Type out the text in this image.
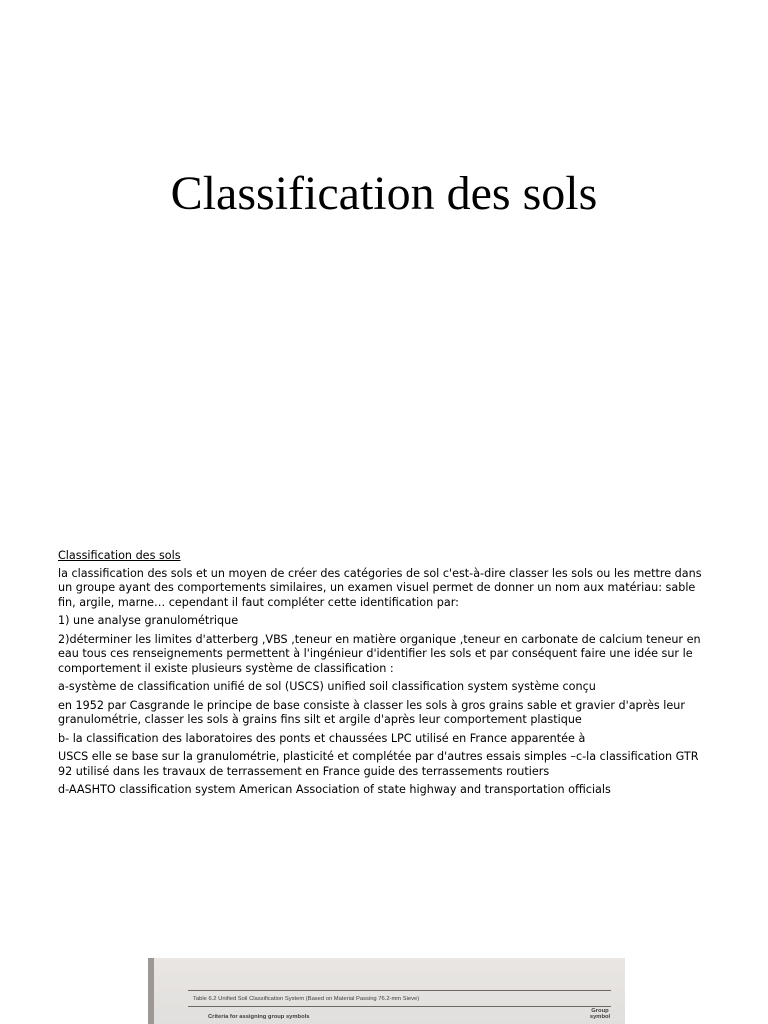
Classification des sols

Classification des sols

la classification des sols et un moyen de créer des catégories de sol c'est-à-dire classer les sols ou les mettre dans un groupe ayant des comportements similaires, un examen visuel permet de donner un nom aux matériau: sable fin, argile, marne… cependant il faut compléter cette identification par:

1) une analyse granulométrique

2)déterminer les limites d'atterberg ,VBS ,teneur en matière organique ,teneur en carbonate de calcium teneur en eau tous ces renseignements permettent à l'ingénieur d'identifier les sols et par conséquent faire une idée sur le comportement il existe plusieurs système de classification :

a-système de classification unifié de sol (USCS) unified soil classification system système conçu

en 1952 par Casgrande le principe de base consiste à classer les sols à gros grains sable et gravier d'après leur granulométrie, classer les sols à grains fins silt et argile d'après leur comportement plastique

b- la classification des laboratoires des ponts et chaussées LPC utilisé en France apparentée à

USCS elle se base sur la granulométrie, plasticité et complétée par d'autres essais simples –c-la classification GTR 92 utilisé dans les travaux de terrassement en France guide des terrassements routiers

d-AASHTO classification system American Association of state highway and transportation officials

Table 6.2 Unified Soil Classification System (Based on Material Passing 76.2-mm Sieve)
Criteria for assigning group symbols
Group symbol
